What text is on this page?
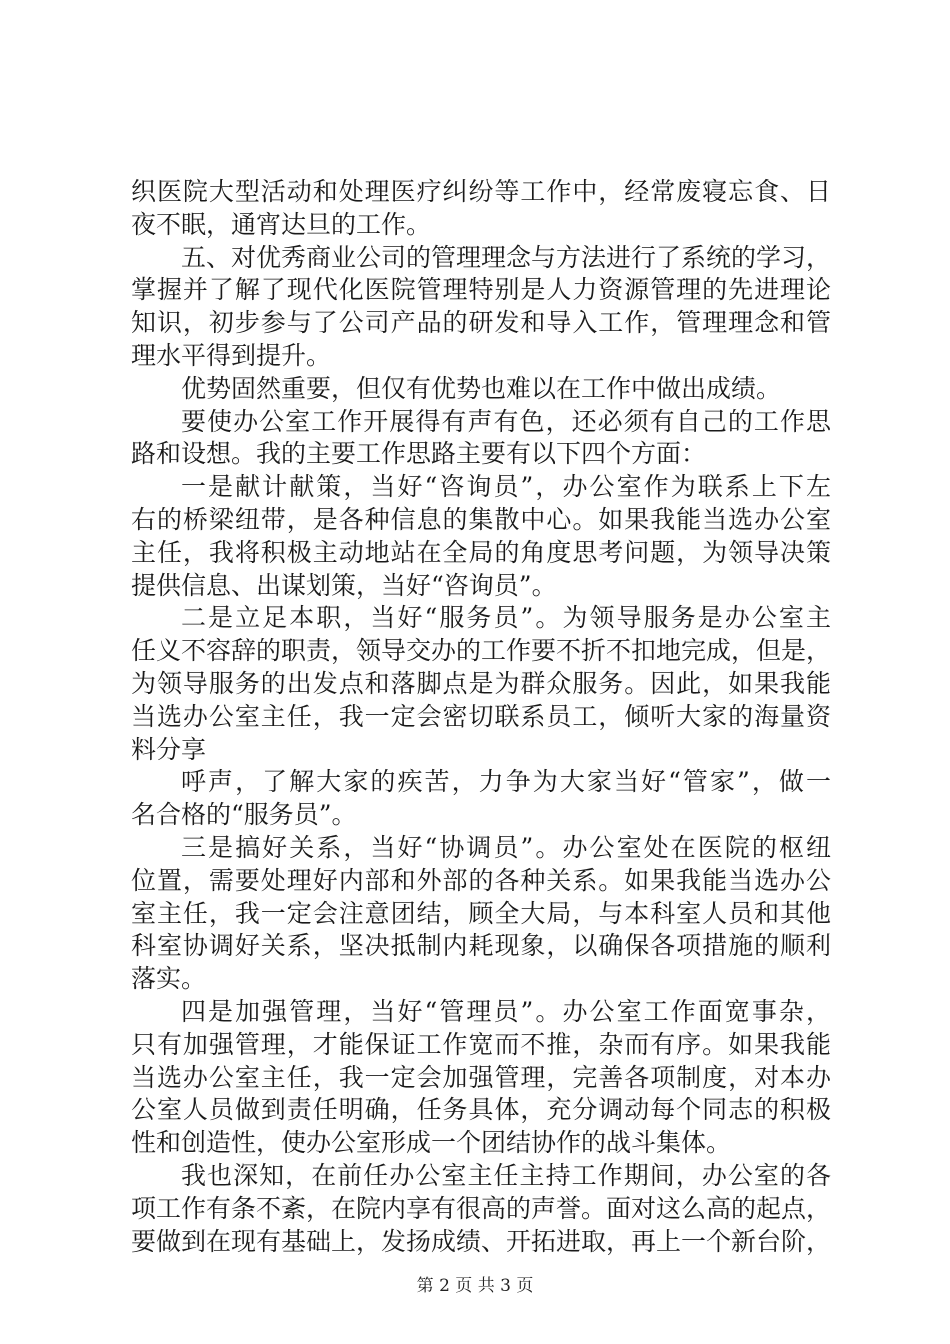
织医院大型活动和处理医疗纠纷等工作中，经常废寝忘食、日
夜不眠，通宵达旦的工作。
五、对优秀商业公司的管理理念与方法进行了系统的学习，
掌握并了解了现代化医院管理特别是人力资源管理的先进理论
知识，初步参与了公司产品的研发和导入工作，管理理念和管
理水平得到提升。
优势固然重要，但仅有优势也难以在工作中做出成绩。
要使办公室工作开展得有声有色，还必须有自己的工作思
路和设想。我的主要工作思路主要有以下四个方面：
一是献计献策，当好“咨询员”，办公室作为联系上下左
右的桥梁纽带，是各种信息的集散中心。如果我能当选办公室
主任，我将积极主动地站在全局的角度思考问题，为领导决策
提供信息、出谋划策，当好“咨询员”。
二是立足本职，当好“服务员”。为领导服务是办公室主
任义不容辞的职责，领导交办的工作要不折不扣地完成，但是，
为领导服务的出发点和落脚点是为群众服务。因此，如果我能
当选办公室主任，我一定会密切联系员工，倾听大家的海量资
料分享
呼声，了解大家的疾苦，力争为大家当好“管家”，做一
名合格的“服务员”。
三是搞好关系，当好“协调员”。办公室处在医院的枢纽
位置，需要处理好内部和外部的各种关系。如果我能当选办公
室主任，我一定会注意团结，顾全大局，与本科室人员和其他
科室协调好关系，坚决抵制内耗现象，以确保各项措施的顺利
落实。
四是加强管理，当好“管理员”。办公室工作面宽事杂，
只有加强管理，才能保证工作宽而不推，杂而有序。如果我能
当选办公室主任，我一定会加强管理，完善各项制度，对本办
公室人员做到责任明确，任务具体，充分调动每个同志的积极
性和创造性，使办公室形成一个团结协作的战斗集体。
我也深知，在前任办公室主任主持工作期间，办公室的各
项工作有条不紊，在院内享有很高的声誉。面对这么高的起点，
要做到在现有基础上，发扬成绩、开拓进取，再上一个新台阶，
第 2 页 共 3 页
